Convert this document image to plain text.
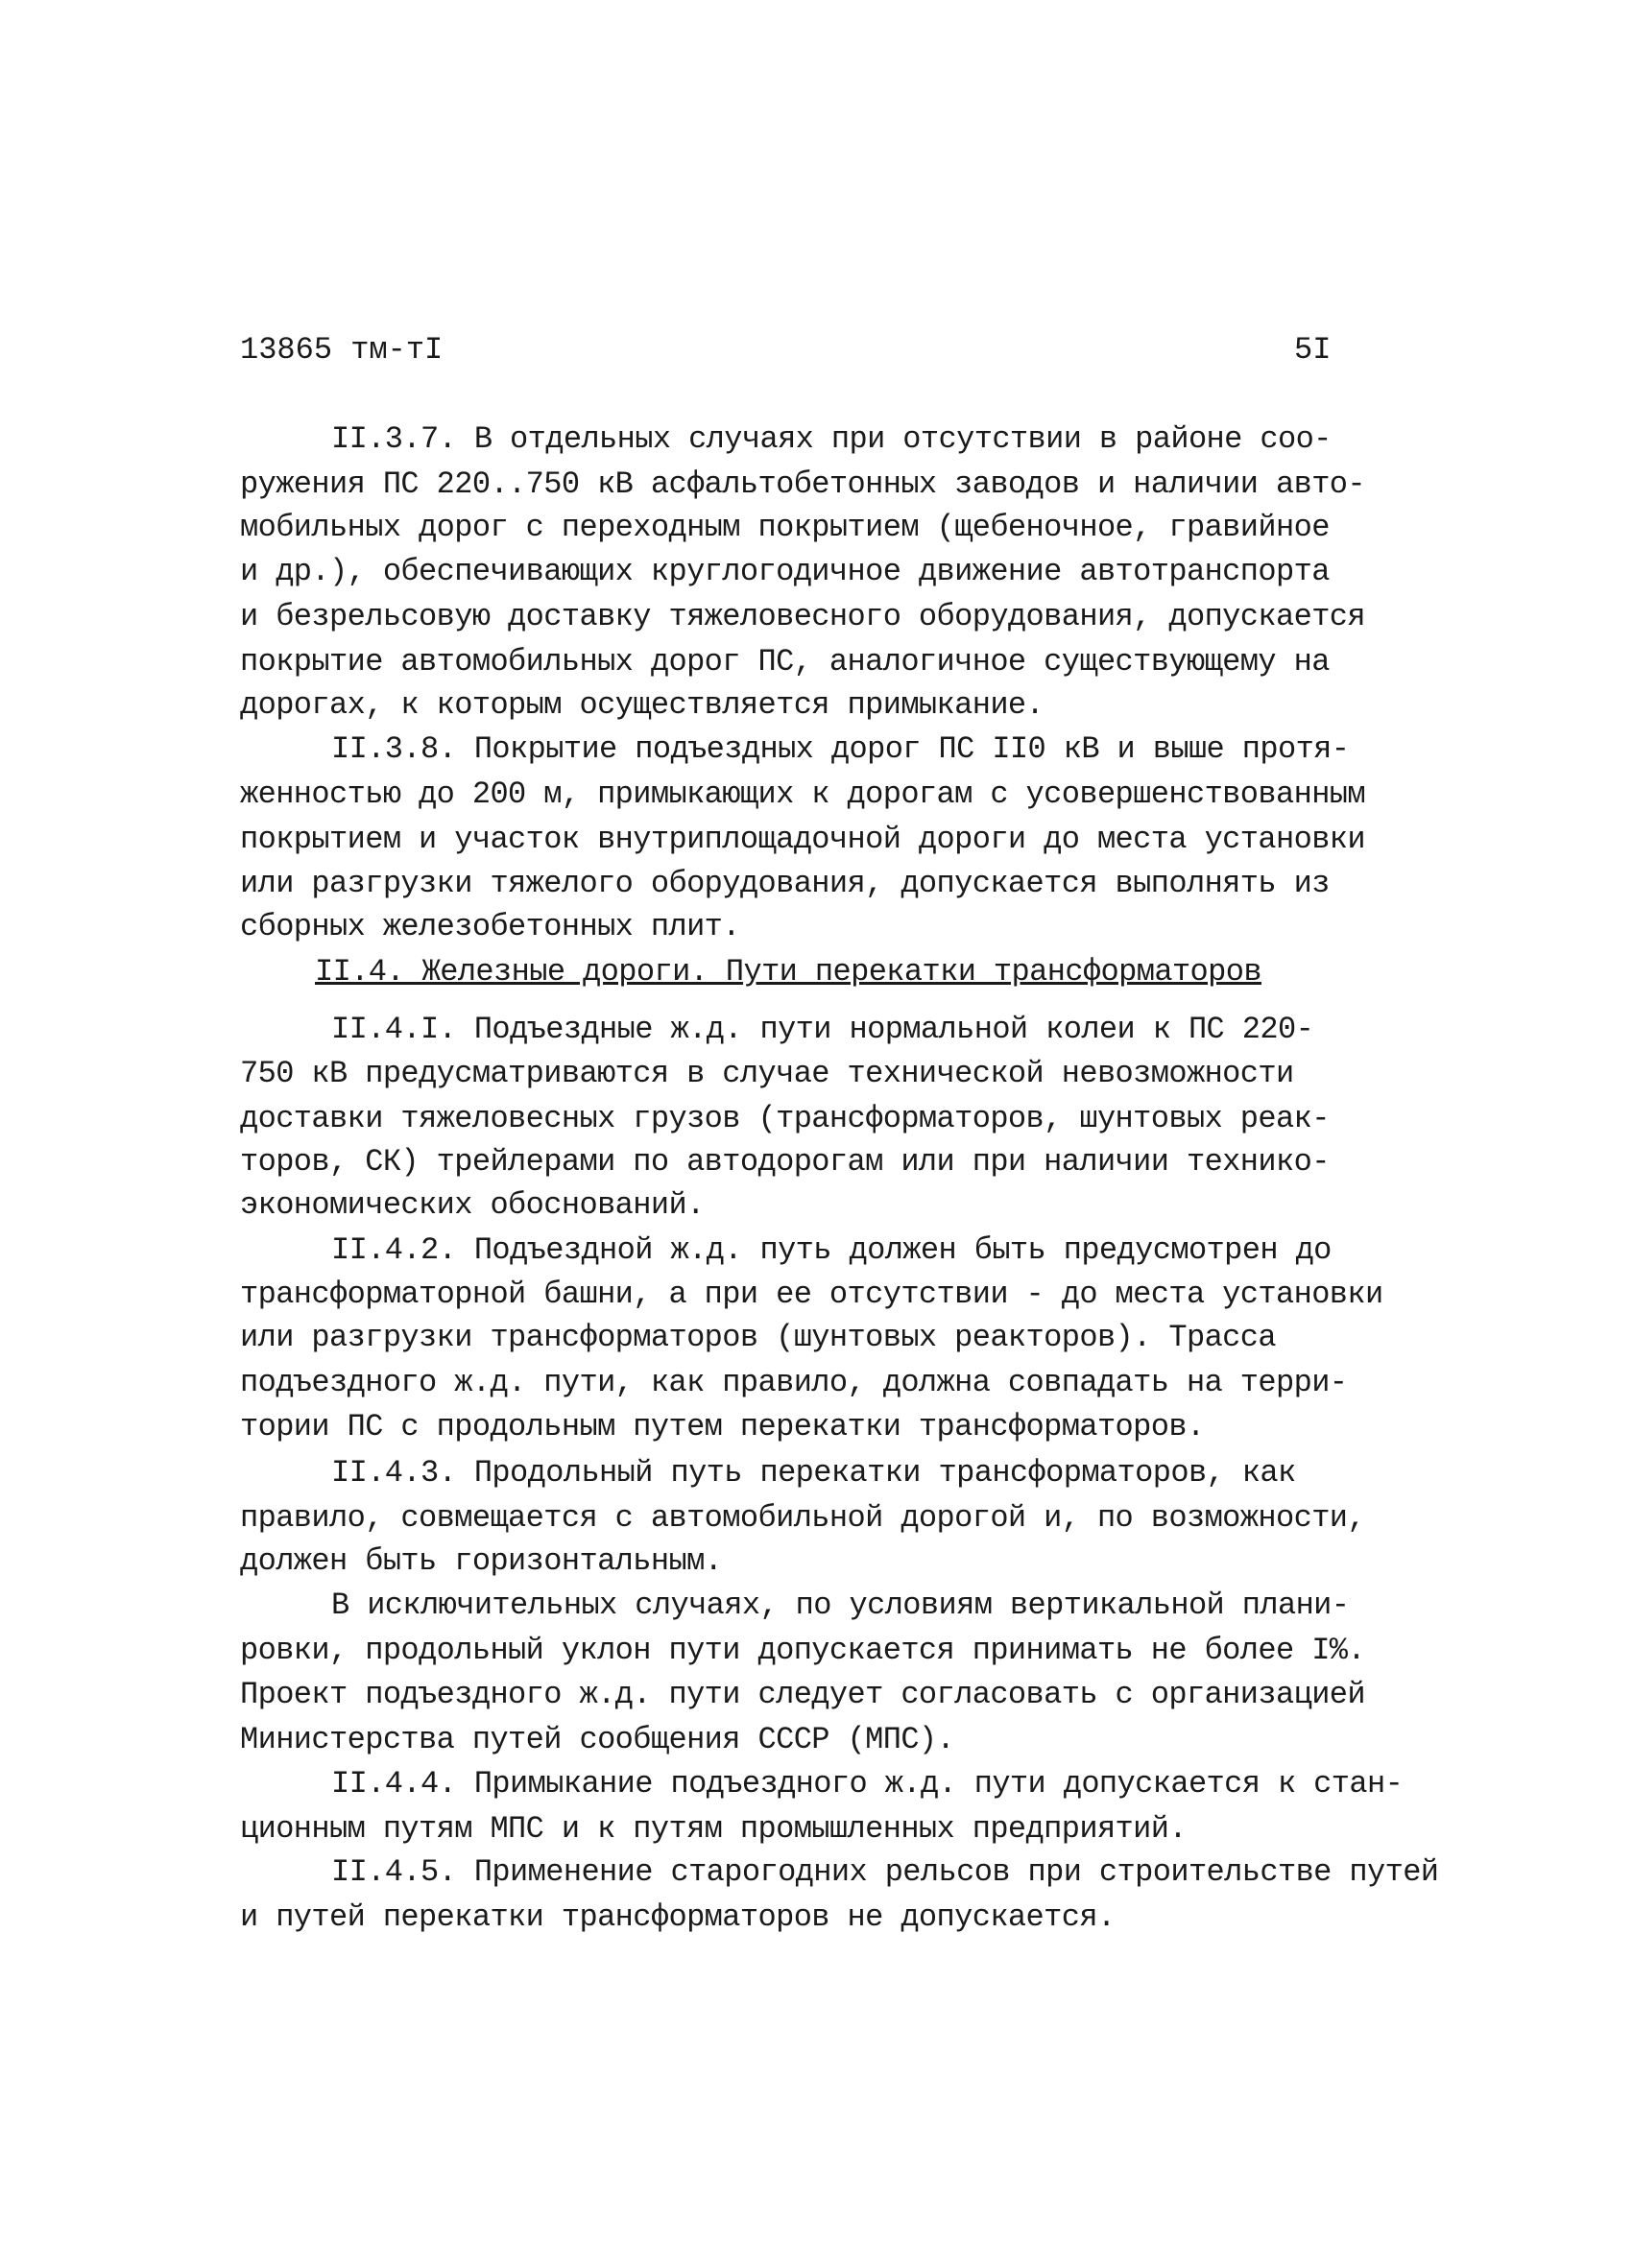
13865 тм-тI	5I
II.3.7. В отдельных случаях при отсутствии в районе соо-
ружения ПС 220..750 кВ асфальтобетонных заводов и наличии авто-
мобильных дорог с переходным покрытием (щебеночное, гравийное
и др.), обеспечивающих круглогодичное движение автотранспорта
и безрельсовую доставку тяжеловесного оборудования, допускается
покрытие автомобильных дорог ПС, аналогичное существующему на
дорогах, к которым осуществляется примыкание.
II.3.8. Покрытие подъездных дорог ПС II0 кВ и выше протя-
женностью до 200 м, примыкающих к дорогам с усовершенствованным
покрытием и участок внутриплощадочной дороги до места установки
или разгрузки тяжелого оборудования, допускается выполнять из
сборных железобетонных плит.
II.4. Железные дороги. Пути перекатки трансформаторов
II.4.I. Подъездные ж.д. пути нормальной колеи к ПС 220-
750 кВ предусматриваются в случае технической невозможности
доставки тяжеловесных грузов (трансформаторов, шунтовых реак-
торов, СК) трейлерами по автодорогам или при наличии технико-
экономических обоснований.
II.4.2. Подъездной ж.д. путь должен быть предусмотрен до
трансформаторной башни, а при ее отсутствии - до места установки
или разгрузки трансформаторов (шунтовых реакторов). Трасса
подъездного ж.д. пути, как правило, должна совпадать на терри-
тории ПС с продольным путем перекатки трансформаторов.
II.4.3. Продольный путь перекатки трансформаторов, как
правило, совмещается с автомобильной дорогой и, по возможности,
должен быть горизонтальным.
В исключительных случаях, по условиям вертикальной плани-
ровки, продольный уклон пути допускается принимать не более I%.
Проект подъездного ж.д. пути следует согласовать с организацией
Министерства путей сообщения СССР (МПС).
II.4.4. Примыкание подъездного ж.д. пути допускается к стан-
ционным путям МПС и к путям промышленных предприятий.
II.4.5. Применение старогодних рельсов при строительстве путей
и путей перекатки трансформаторов не допускается.
